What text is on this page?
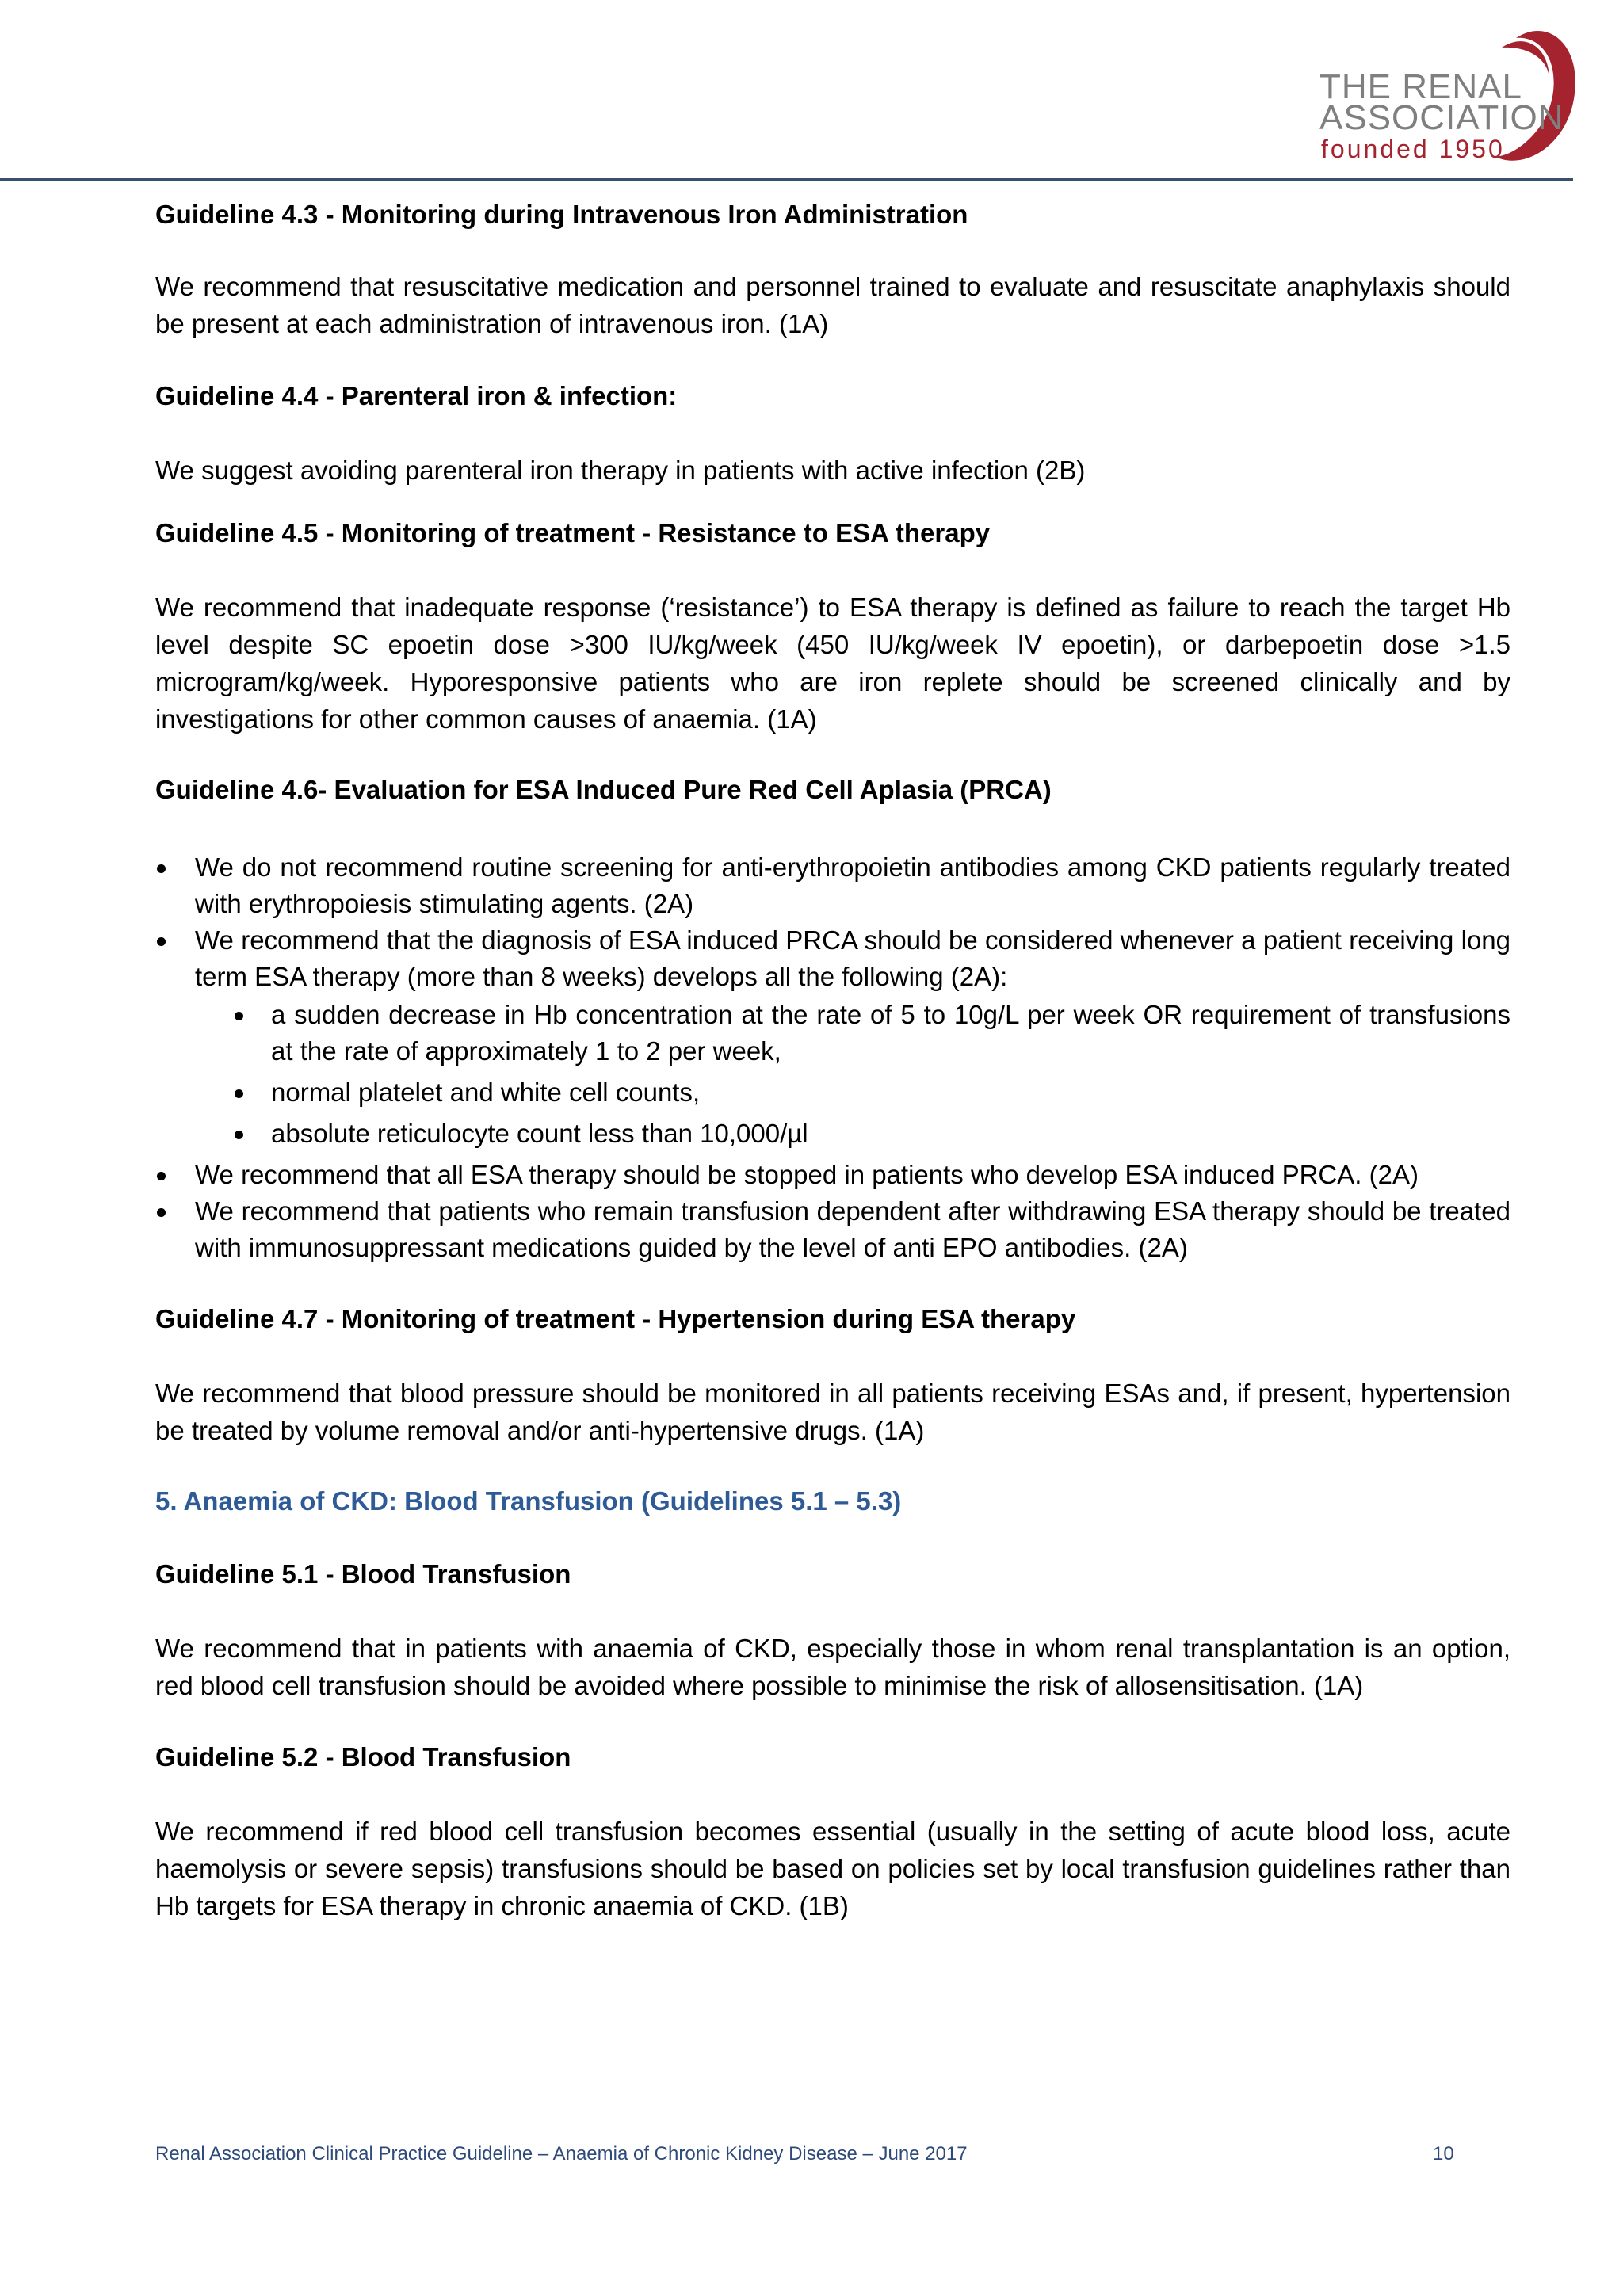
THE RENAL
ASSOCIATION
founded 1950
Guideline 4.3 - Monitoring during Intravenous Iron Administration

We recommend that resuscitative medication and personnel trained to evaluate and resuscitate anaphylaxis should be present at each administration of intravenous iron. (1A)

Guideline 4.4 - Parenteral iron & infection:

We suggest avoiding parenteral iron therapy in patients with active infection (2B)

Guideline 4.5 - Monitoring of treatment - Resistance to ESA therapy

We recommend that inadequate response (‘resistance’) to ESA therapy is defined as failure to reach the target Hb level despite SC epoetin dose >300 IU/kg/week (450 IU/kg/week IV epoetin), or darbepoetin dose >1.5 microgram/kg/week. Hyporesponsive patients who are iron replete should be screened clinically and by investigations for other common causes of anaemia. (1A)

Guideline 4.6- Evaluation for ESA Induced Pure Red Cell Aplasia (PRCA)
We do not recommend routine screening for anti-erythropoietin antibodies among CKD patients regularly treated with erythropoiesis stimulating agents. (2A)
We recommend that the diagnosis of ESA induced PRCA should be considered whenever a patient receiving long term ESA therapy (more than 8 weeks) develops all the following (2A):
a sudden decrease in Hb concentration at the rate of 5 to 10g/L per week OR requirement of transfusions at the rate of approximately 1 to 2 per week,
normal platelet and white cell counts,
absolute reticulocyte count less than 10,000/µl
We recommend that all ESA therapy should be stopped in patients who develop ESA induced PRCA. (2A)
We recommend that patients who remain transfusion dependent after withdrawing ESA therapy should be treated with immunosuppressant medications guided by the level of anti EPO antibodies. (2A)
Guideline 4.7 - Monitoring of treatment - Hypertension during ESA therapy

We recommend that blood pressure should be monitored in all patients receiving ESAs and, if present, hypertension be treated by volume removal and/or anti-hypertensive drugs. (1A)

5. Anaemia of CKD: Blood Transfusion (Guidelines 5.1 – 5.3)
Guideline 5.1 - Blood Transfusion

We recommend that in patients with anaemia of CKD, especially those in whom renal transplantation is an option, red blood cell transfusion should be avoided where possible to minimise the risk of allosensitisation. (1A)

Guideline 5.2 - Blood Transfusion

We recommend if red blood cell transfusion becomes essential (usually in the setting of acute blood loss, acute haemolysis or severe sepsis) transfusions should be based on policies set by local transfusion guidelines rather than Hb targets for ESA therapy in chronic anaemia of CKD. (1B)

Renal Association Clinical Practice Guideline – Anaemia of Chronic Kidney Disease – June 2017	10
